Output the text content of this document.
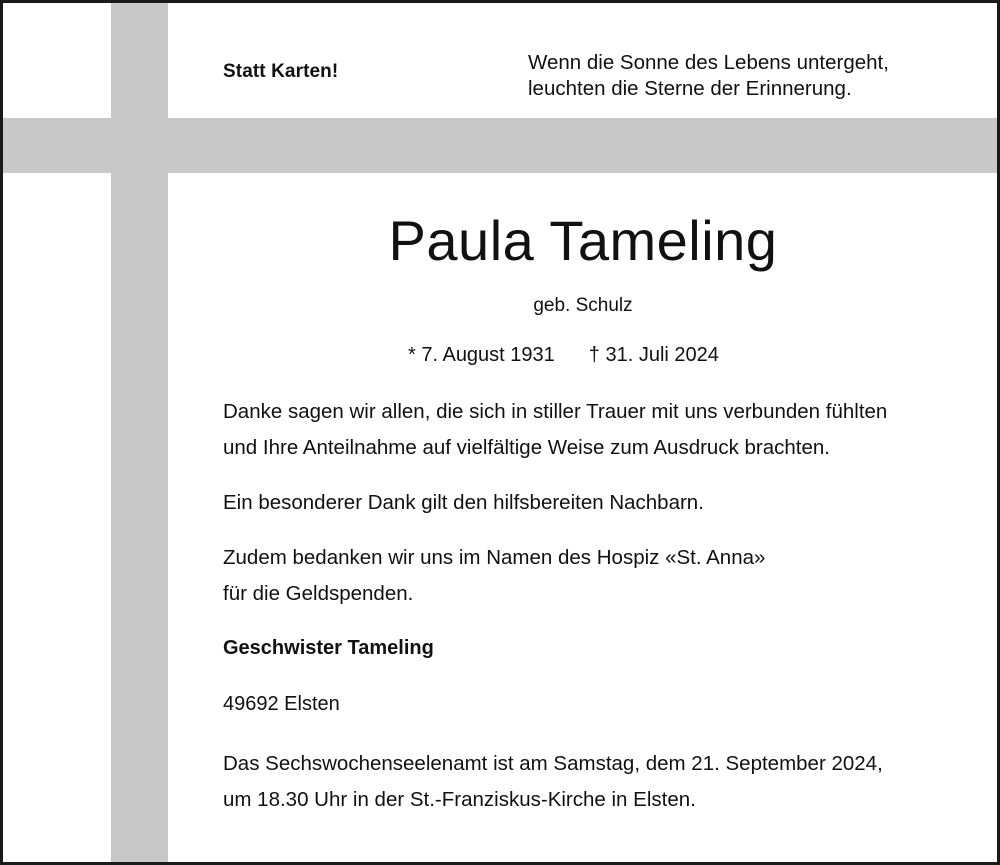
Statt Karten!	Wenn die Sonne des Lebens untergeht,
leuchten die Sterne der Erinnerung.
Paula Tameling
geb. Schulz
* 7. August 1931 † 31. Juli 2024
Danke sagen wir allen, die sich in stiller Trauer mit uns verbunden fühlten
und Ihre Anteilnahme auf vielfältige Weise zum Ausdruck brachten.
Ein besonderer Dank gilt den hilfsbereiten Nachbarn.
Zudem bedanken wir uns im Namen des Hospiz «St. Anna»
für die Geldspenden.
Geschwister Tameling
49692 Elsten
Das Sechswochenseelenamt ist am Samstag, dem 21. September 2024,
um 18.30 Uhr in der St.-Franziskus-Kirche in Elsten.
